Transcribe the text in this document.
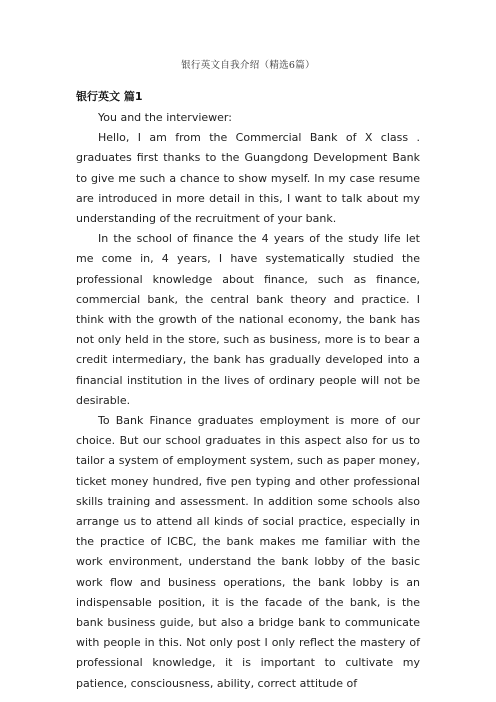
银行英文自我介绍（精选6篇）
银行英文 篇1

You and the interviewer:

Hello, I am from the Commercial Bank of X class . graduates first thanks to the Guangdong Development Bank to give me such a chance to show myself. In my case resume are introduced in more detail in this, I want to talk about my understanding of the recruitment of your bank.

In the school of finance the 4 years of the study life let me come in, 4 years, I have systematically studied the professional knowledge about finance, such as finance, commercial bank, the central bank theory and practice. I think with the growth of the national economy, the bank has not only held in the store, such as business, more is to bear a credit intermediary, the bank has gradually developed into a financial institution in the lives of ordinary people will not be desirable.

To Bank Finance graduates employment is more of our choice. But our school graduates in this aspect also for us to tailor a system of employment system, such as paper money, ticket money hundred, five pen typing and other professional skills training and assessment. In addition some schools also arrange us to attend all kinds of social practice, especially in the practice of ICBC, the bank makes me familiar with the work environment, understand the bank lobby of the basic work flow and business operations, the bank lobby is an indispensable position, it is the facade of the bank, is the bank business guide, but also a bridge bank to communicate with people in this. Not only post I only reflect the mastery of professional knowledge, it is important to cultivate my patience, consciousness, ability, correct attitude of
